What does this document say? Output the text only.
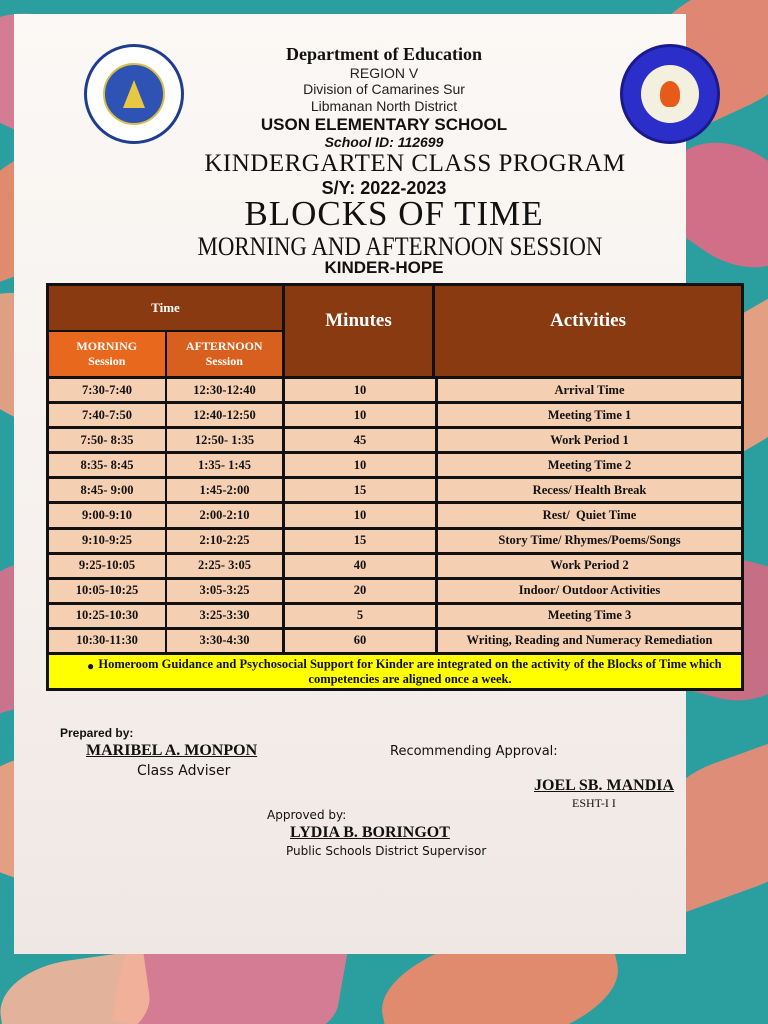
Department of Education
REGION V
Division of Camarines Sur
Libmanan North District
USON ELEMENTARY SCHOOL
School ID: 112699
KINDERGARTEN CLASS PROGRAM
S/Y: 2022-2023
BLOCKS OF TIME
MORNING AND AFTERNOON SESSION
KINDER-HOPE
Time
MORNING Session
AFTERNOON Session
Minutes	Activities
7:30-7:40	12:30-12:40	10	Arrival Time
7:40-7:50	12:40-12:50	10	Meeting Time 1
7:50- 8:35	12:50- 1:35	45	Work Period 1
8:35- 8:45	1:35- 1:45	10	Meeting Time 2
8:45- 9:00	1:45-2:00	15	Recess/ Health Break
9:00-9:10	2:00-2:10	10	Rest/  Quiet Time
9:10-9:25	2:10-2:25	15	Story Time/ Rhymes/Poems/Songs
9:25-10:05	2:25- 3:05	40	Work Period 2
10:05-10:25	3:05-3:25	20	Indoor/ Outdoor Activities
10:25-10:30	3:25-3:30	5	Meeting Time 3
10:30-11:30	3:30-4:30	60	Writing, Reading and Numeracy Remediation
● Homeroom Guidance and Psychosocial Support for Kinder are integrated on the activity of the Blocks of Time which competencies are aligned once a week.
Prepared by:
MARIBEL A. MONPON
Class Adviser
Recommending Approval:
JOEL SB. MANDIA
ESHT-I I
Approved by:
LYDIA B. BORINGOT
Public Schools District Supervisor
